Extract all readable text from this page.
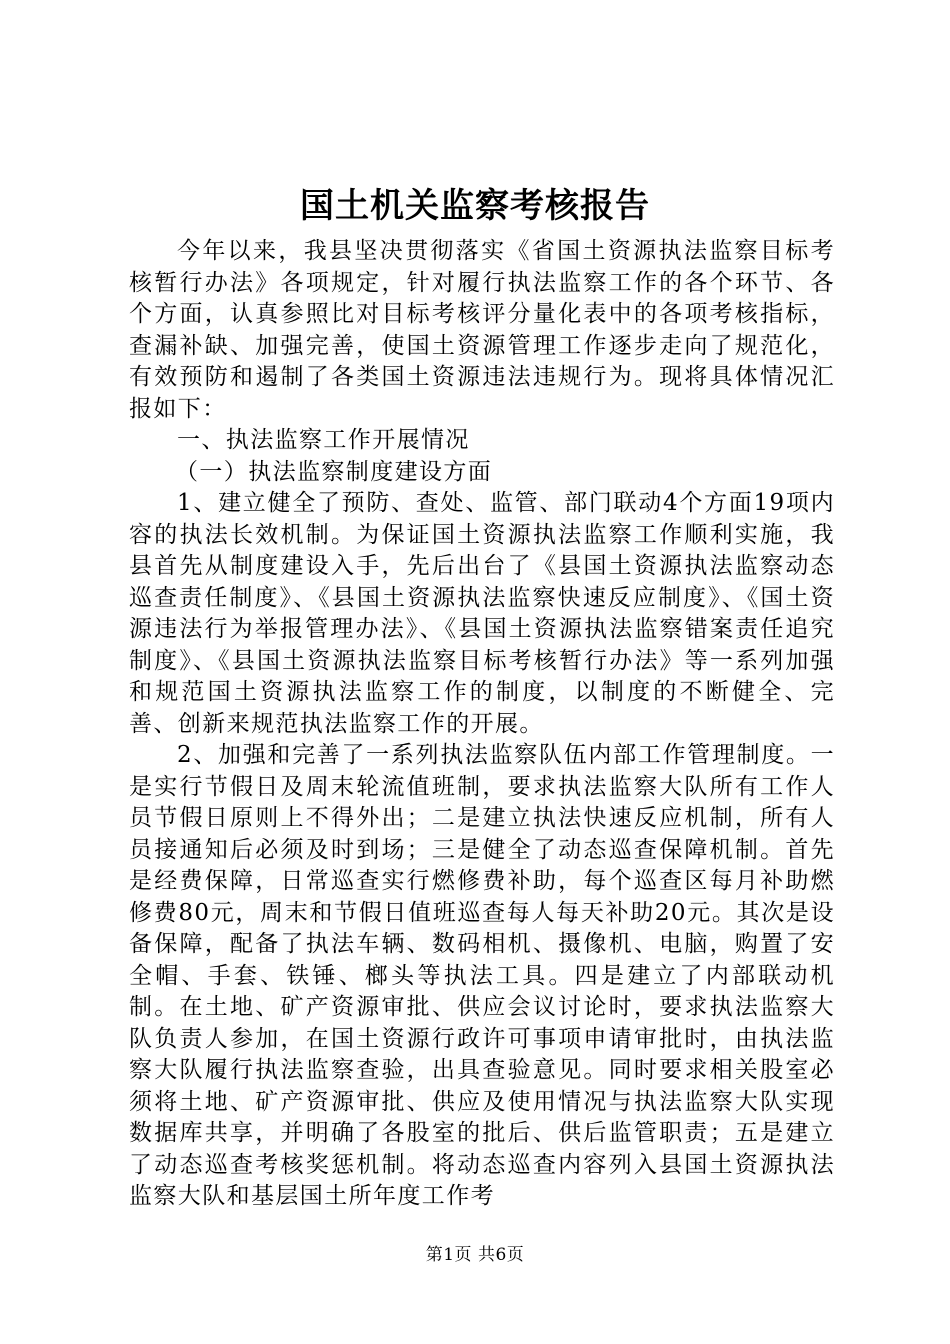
国土机关监察考核报告

今年以来，我县坚决贯彻落实《省国土资源执法监察目标考核暂行办法》各项规定，针对履行执法监察工作的各个环节、各个方面，认真参照比对目标考核评分量化表中的各项考核指标，查漏补缺、加强完善，使国土资源管理工作逐步走向了规范化，有效预防和遏制了各类国土资源违法违规行为。现将具体情况汇报如下：

一、执法监察工作开展情况

（一）执法监察制度建设方面

1、建立健全了预防、查处、监管、部门联动4个方面19项内容的执法长效机制。为保证国土资源执法监察工作顺利实施，我县首先从制度建设入手，先后出台了《县国土资源执法监察动态巡查责任制度》、《县国土资源执法监察快速反应制度》、《国土资源违法行为举报管理办法》、《县国土资源执法监察错案责任追究制度》、《县国土资源执法监察目标考核暂行办法》等一系列加强和规范国土资源执法监察工作的制度，以制度的不断健全、完善、创新来规范执法监察工作的开展。

2、加强和完善了一系列执法监察队伍内部工作管理制度。一是实行节假日及周末轮流值班制，要求执法监察大队所有工作人员节假日原则上不得外出；二是建立执法快速反应机制，所有人员接通知后必须及时到场；三是健全了动态巡查保障机制。首先是经费保障，日常巡查实行燃修费补助，每个巡查区每月补助燃修费80元，周末和节假日值班巡查每人每天补助20元。其次是设备保障，配备了执法车辆、数码相机、摄像机、电脑，购置了安全帽、手套、铁锤、榔头等执法工具。四是建立了内部联动机制。在土地、矿产资源审批、供应会议讨论时，要求执法监察大队负责人参加，在国土资源行政许可事项申请审批时，由执法监察大队履行执法监察查验，出具查验意见。同时要求相关股室必须将土地、矿产资源审批、供应及使用情况与执法监察大队实现数据库共享，并明确了各股室的批后、供后监管职责；五是建立了动态巡查考核奖惩机制。将动态巡查内容列入县国土资源执法监察大队和基层国土所年度工作考

第1页 共6页
